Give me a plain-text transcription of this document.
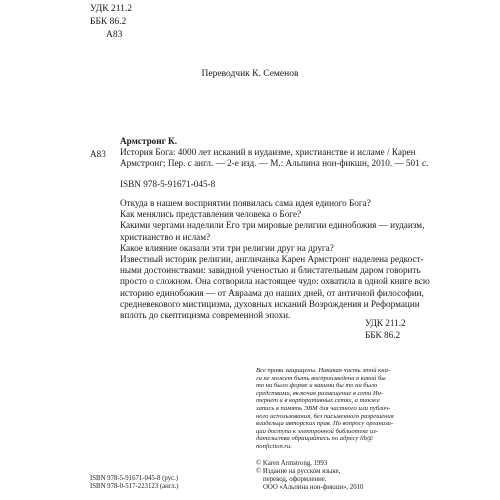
УДК 211.2
ББК 86.2
А83
Переводчик К. Семенов
А83
Армстронг К.
История Бога: 4000 лет исканий в иудаизме, христианстве и исламе / Карен
Армстронг; Пер. с англ. — 2-е изд. — М.: Альпина нон-фикшн, 2010. — 501 с.
ISBN 978-5-91671-045-8
Откуда в нашем восприятии появилась сама идея единого Бога?
Как менялись представления человека о Боге?
Какими чертами наделили Его три мировые религии единобожия — иудаизм,
христианство и ислам?
Какое влияние оказали эти три религии друг на друга?
Известный историк религии, англичанка Карен Армстронг наделена редкост-
ными достоинствами: завидной ученостью и блистательным даром говорить
просто о сложном. Она сотворила настоящее чудо: охватила в одной книге всю
историю единобожия — от Авраама до наших дней, от античной философии,
средневекового мистицизма, духовных исканий Возрождения и Реформации
вплоть до скептицизма современной эпохи.
УДК 211.2
ББК 86.2
Все права защищены. Никакая часть этой кни-
ги не может быть воспроизведена в какой бы
то ни было форме и какими бы то ни было
средствами, включая размещение в сети Ин-
тернет и в корпоративных сетях, а также
запись в память ЭВМ для частного или публич-
ного использования, без письменного разрешения
владельца авторских прав. По вопросу организа-
ции доступа к электронной библиотеке из-
дательства обращайтесь по адресу lib@
nonfiction.ru.
ISBN 978-5-91671-045-8 (рус.)
ISBN 978-0-517-223123 (англ.)
© Karen Armstrong, 1993
© Издание на русском языке,
перевод, оформление.
ООО «Альпина нон-фикшн», 2010
